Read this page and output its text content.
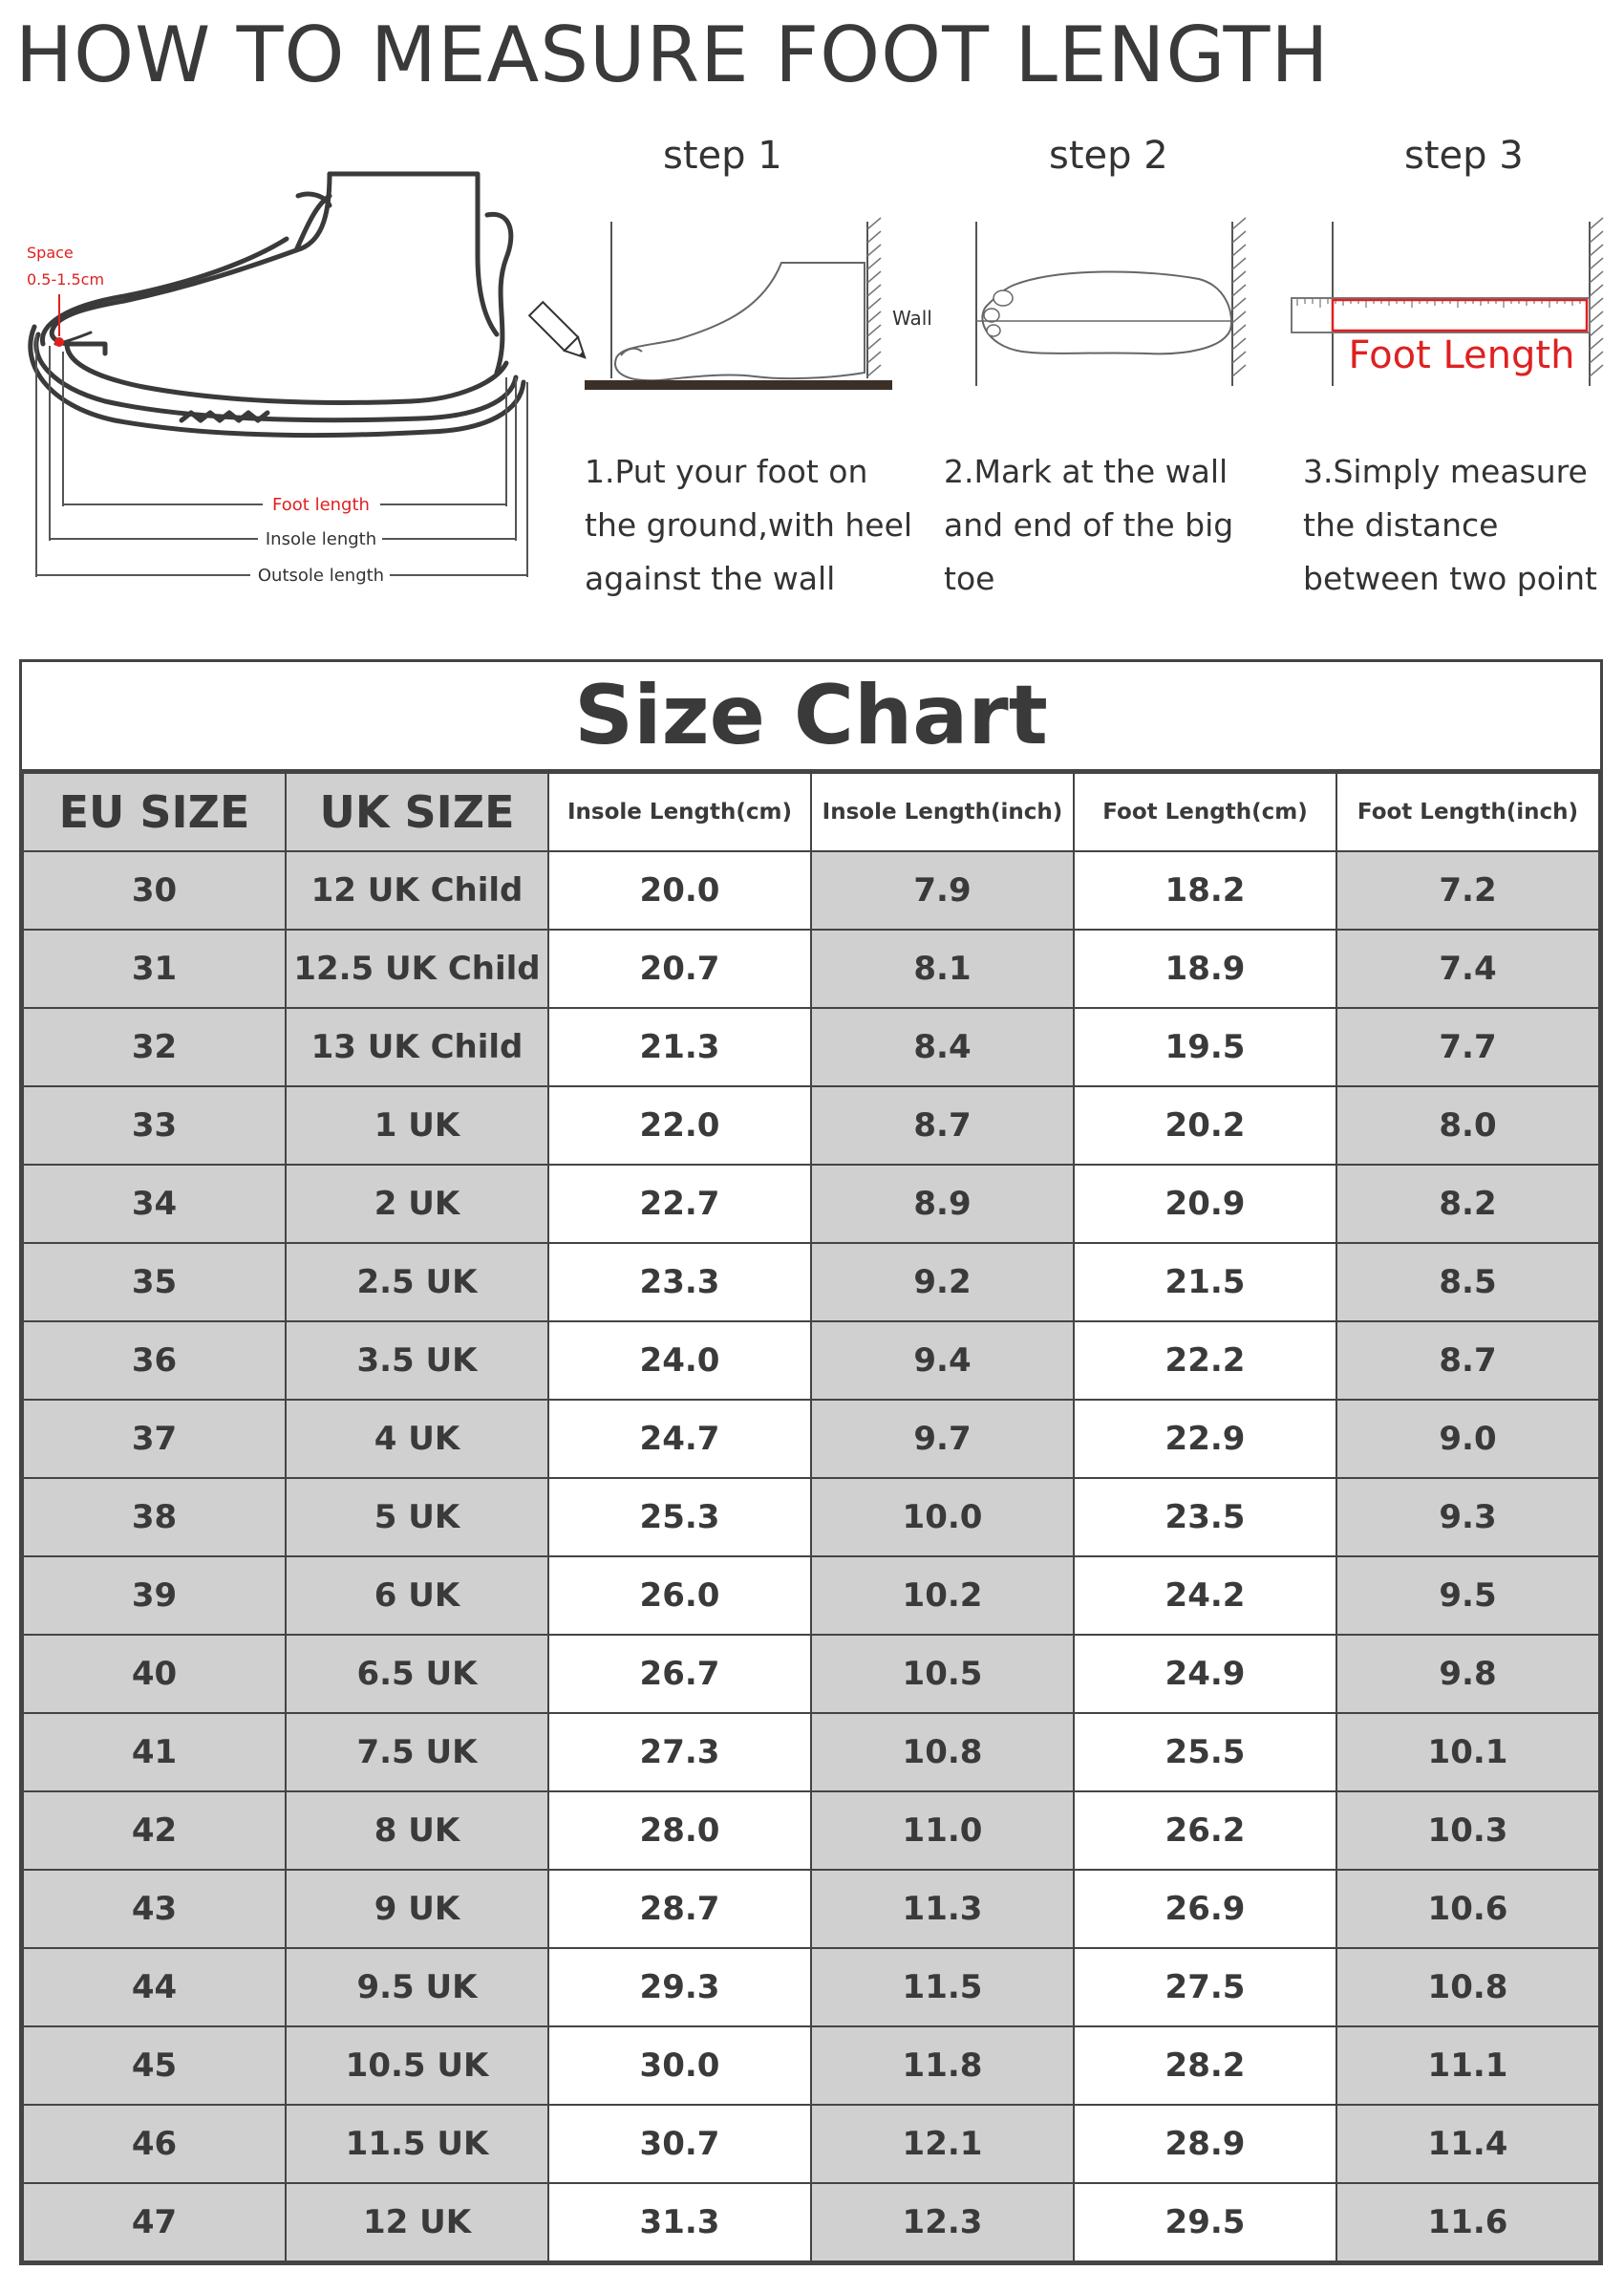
HOW TO MEASURE FOOT LENGTH
Space
0.5-1.5cm
Foot length
Insole length
Outsole length
Wall
Foot Length
step 1	step 2	step 3
1.Put your foot on the ground,with heel against the wall
2.Mark at the wall and end of the big toe
3.Simply measure the distance between two point
Size Chart
EU SIZE	UK SIZE	Insole Length(cm)	Insole Length(inch)	Foot Length(cm)	Foot Length(inch)
30	12 UK Child	20.0	7.9	18.2	7.2
31	12.5 UK Child	20.7	8.1	18.9	7.4
32	13 UK Child	21.3	8.4	19.5	7.7
33	1 UK	22.0	8.7	20.2	8.0
34	2 UK	22.7	8.9	20.9	8.2
35	2.5 UK	23.3	9.2	21.5	8.5
36	3.5 UK	24.0	9.4	22.2	8.7
37	4 UK	24.7	9.7	22.9	9.0
38	5 UK	25.3	10.0	23.5	9.3
39	6 UK	26.0	10.2	24.2	9.5
40	6.5 UK	26.7	10.5	24.9	9.8
41	7.5 UK	27.3	10.8	25.5	10.1
42	8 UK	28.0	11.0	26.2	10.3
43	9 UK	28.7	11.3	26.9	10.6
44	9.5 UK	29.3	11.5	27.5	10.8
45	10.5 UK	30.0	11.8	28.2	11.1
46	11.5 UK	30.7	12.1	28.9	11.4
47	12 UK	31.3	12.3	29.5	11.6
